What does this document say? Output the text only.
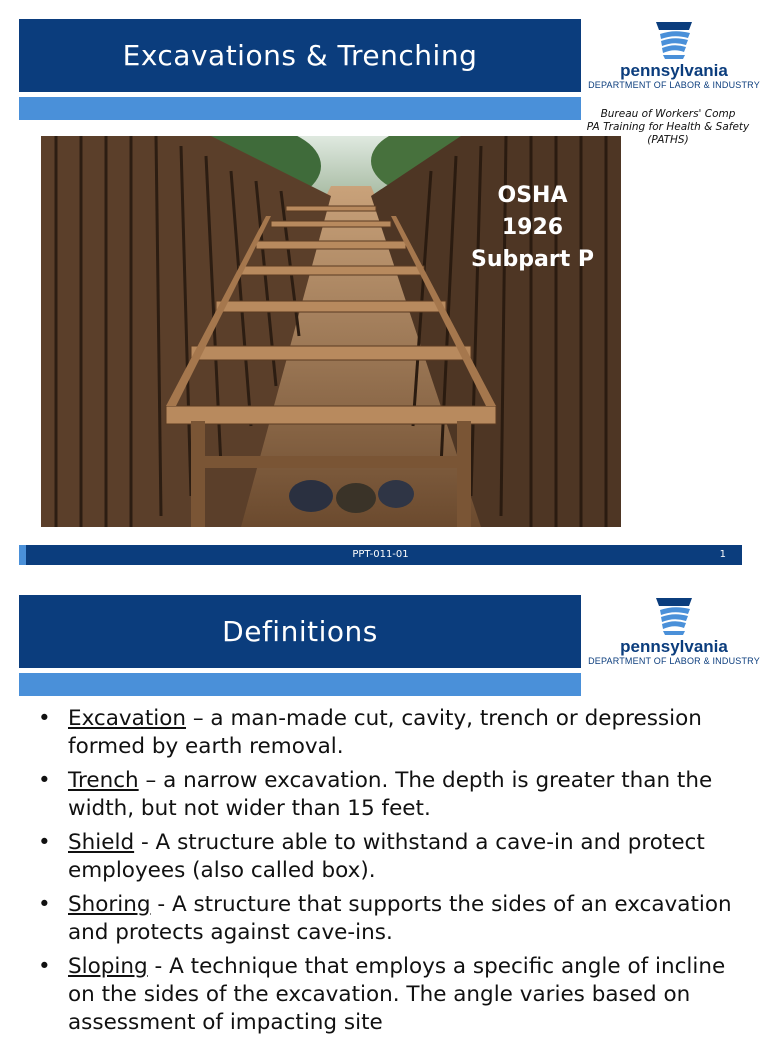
Excavations & Trenching	pennsylvania
DEPARTMENT OF LABOR & INDUSTRY
Bureau of Workers' Comp
PA Training for Health & Safety
(PATHS)
OSHA
1926
Subpart P
PPT-011-01	1
Definitions	pennsylvania
DEPARTMENT OF LABOR & INDUSTRY
• Excavation – a man-made cut, cavity, trench or depression formed by earth removal.
• Trench – a narrow excavation. The depth is greater than the width, but not wider than 15 feet.
• Shield - A structure able to withstand a cave-in and protect employees (also called box).
• Shoring - A structure that supports the sides of an excavation and protects against cave-ins.
• Sloping - A technique that employs a specific angle of incline on the sides of the excavation. The angle varies based on assessment of impacting site
